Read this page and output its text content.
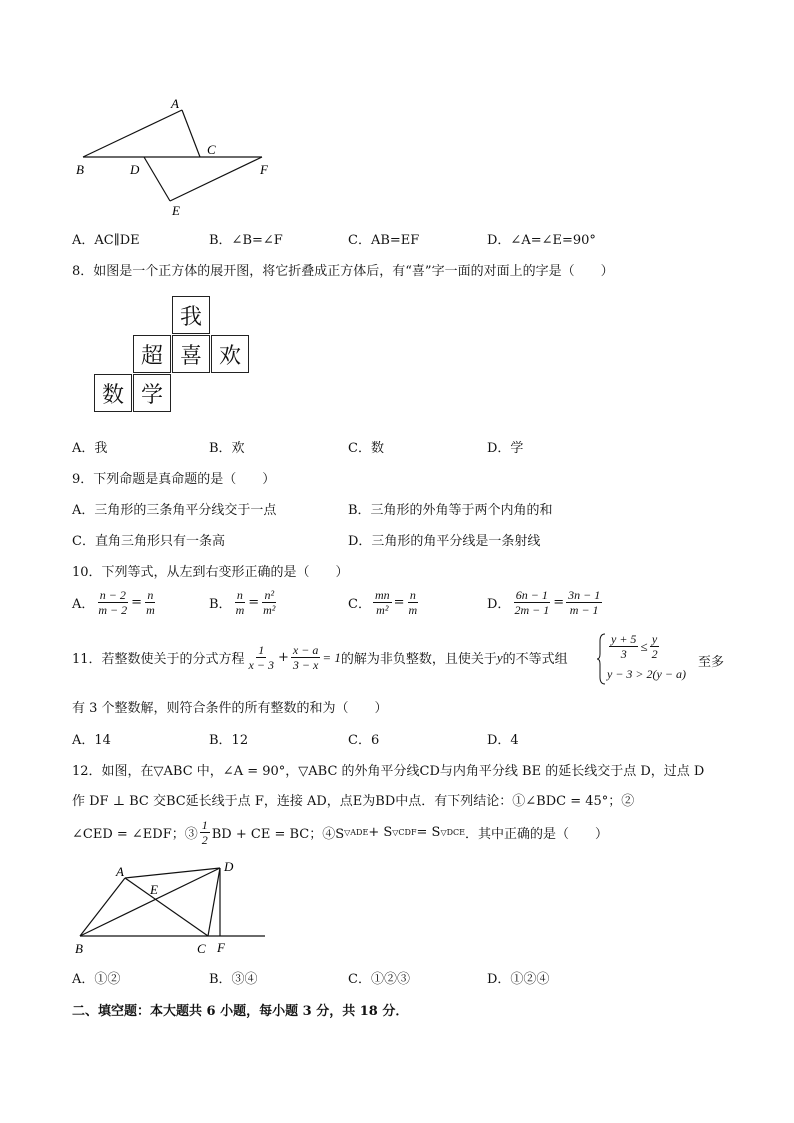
A
B
C
D
E
F
A．AC∥DE	B．∠B=∠F	C．AB=EF	D．∠A=∠E=90°
8．如图是一个正方体的展开图，将它折叠成正方体后，有“喜”字一面的对面上的字是（　　）
我
超 喜 欢
数 学
A．我	B．欢	C．数	D．学
9．下列命题是真命题的是（　　）
A．三角形的三条角平分线交于一点	B．三角形的外角等于两个内角的和
C．直角三角形只有一条高	D．三角形的角平分线是一条射线
10．下列等式，从左到右变形正确的是（　　）
A． $\frac{n - 2}{m - 2} = \frac{n}{m}$	B． $\frac{n}{m} = \frac{\text{n²}}{\text{m²}}$	C． $\frac{mn}{\text{m²}} = \frac{n}{m}$	D． $\frac{6n - 1}{2m - 1} = \frac{3n - 1}{m - 1}$
11．若整数使关于的分式方程 $\frac{1}{x - 3} + \frac{x - a}{3 - x} = 1$ 的解为非负整数，且使关于 y 的不等式组	$\frac{y + 5}{3} \le \frac{y}{2}$
y − 3 > 2(y − a)
至多
有 3 个整数解，则符合条件的所有整数的和为（　　）
A．14	B．12	C．6	D．4
12．如图，在▽ABC 中，∠A = 90°，▽ABC 的外角平分线CD与内角平分线 BE 的延长线交于点 D，过点 D
作 DF ⊥ BC 交BC延长线于点 F，连接 AD，点E为BD中点．有下列结论：①∠BDC = 45°；②
∠CED = ∠EDF；③ $\frac{1}{2}$ BD + CE = BC；④S ▽ADE + S ▽CDF = S ▽DCE ．其中正确的是（　　）
A
B	C
D
E
F
A．①②	B．③④	C．①②③	D．①②④
二、填空题：本大题共 6 小题，每小题 3 分，共 18 分．
